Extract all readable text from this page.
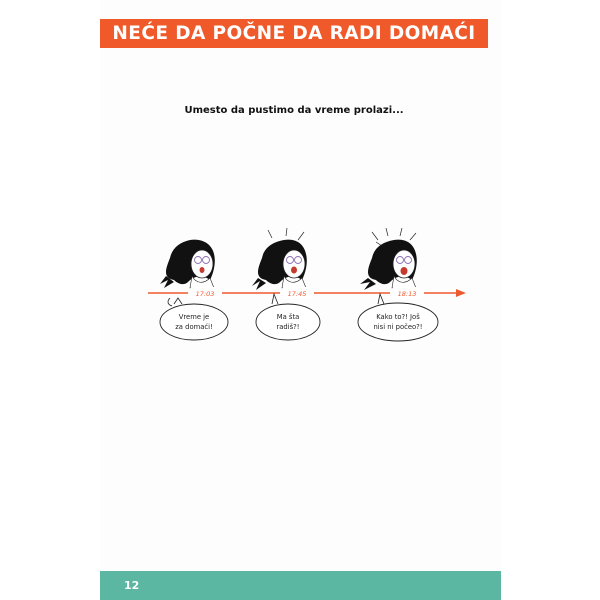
NEĆE DA POČNE DA RADI DOMAĆI
Umesto da pustimo da vreme prolazi...
17:03
Vreme je
za domaći!
17:45
Ma šta
radiš?!
18:13
Kako to?! Još
nisi ni počeo?!
12
